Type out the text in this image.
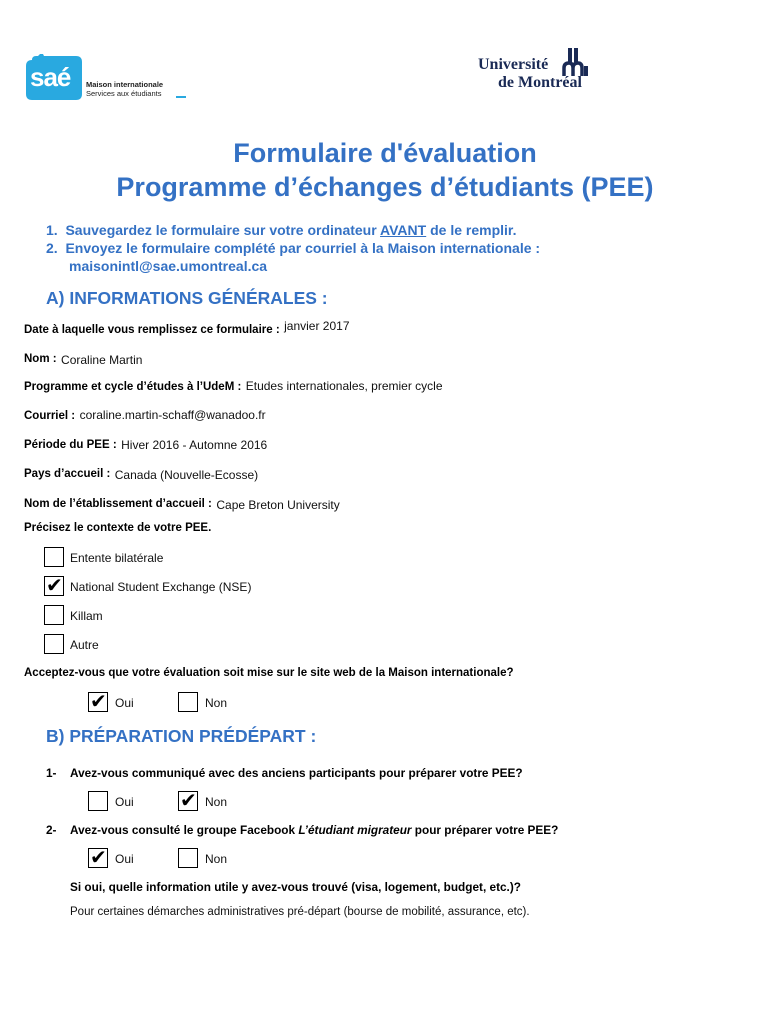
saé Maison internationale
Services aux étudiants
Université
de Montréal
Formulaire d'évaluation
Programme d’échanges d’étudiants (PEE)
1. Sauvegardez le formulaire sur votre ordinateur AVANT de le remplir.
2. Envoyez le formulaire complété par courriel à la Maison internationale :
maisonintl@sae.umontreal.ca
A) INFORMATIONS GÉNÉRALES :
Date à laquelle vous remplissez ce formulaire : janvier 2017
Nom : Coraline Martin
Programme et cycle d’études à l’UdeM : Etudes internationales, premier cycle
Courriel : coraline.martin-schaff@wanadoo.fr
Période du PEE : Hiver 2016 - Automne 2016
Pays d’accueil : Canada (Nouvelle-Ecosse)
Nom de l’établissement d’accueil : Cape Breton University
Précisez le contexte de votre PEE.
Entente bilatérale
✔ National Student Exchange (NSE)
Killam
Autre
Acceptez-vous que votre évaluation soit mise sur le site web de la Maison internationale?
✔ Oui	Non
B) PRÉPARATION PRÉDÉPART :
1- Avez-vous communiqué avec des anciens participants pour préparer votre PEE?
Oui ✔ Non
2- Avez-vous consulté le groupe Facebook L’étudiant migrateur pour préparer votre PEE?
✔ Oui	Non
Si oui, quelle information utile y avez-vous trouvé (visa, logement, budget, etc.)?
Pour certaines démarches administratives pré-départ (bourse de mobilité, assurance, etc).
